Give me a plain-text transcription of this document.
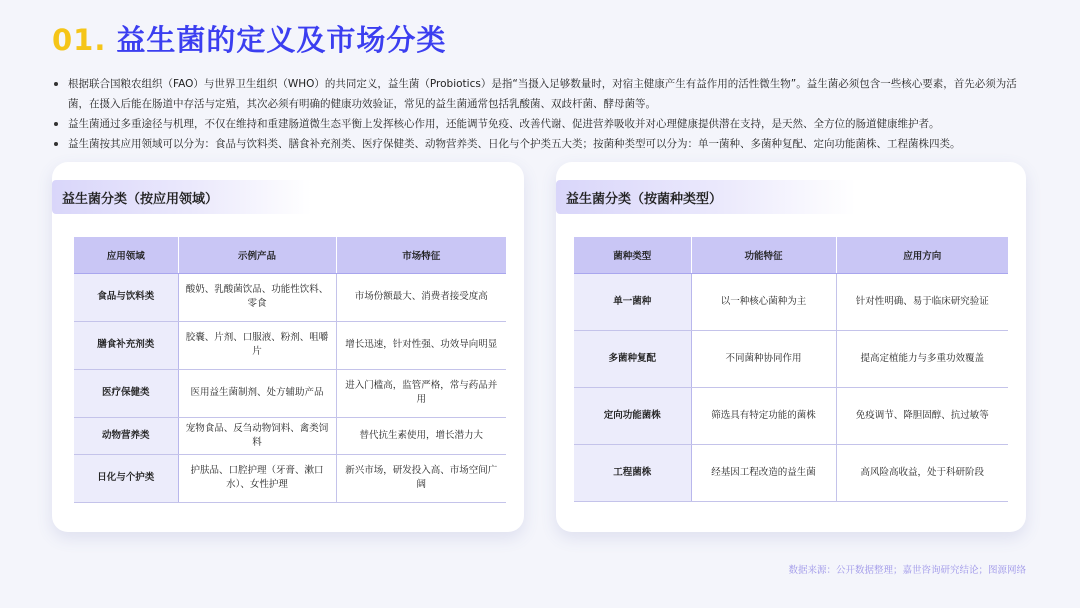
01. 益生菌的定义及市场分类
根据联合国粮农组织（FAO）与世界卫生组织（WHO）的共同定义，益生菌（Probiotics）是指“当摄入足够数量时，对宿主健康产生有益作用的活性微生物”。益生菌必须包含一些核心要素，首先必须为活菌，在摄入后能在肠道中存活与定殖，其次必须有明确的健康功效验证，常见的益生菌通常包括乳酸菌、双歧杆菌、酵母菌等。
益生菌通过多重途径与机理，不仅在维持和重建肠道微生态平衡上发挥核心作用，还能调节免疫、改善代谢、促进营养吸收并对心理健康提供潜在支持，是天然、全方位的肠道健康维护者。
益生菌按其应用领域可以分为：食品与饮料类、膳食补充剂类、医疗保健类、动物营养类、日化与个护类五大类；按菌种类型可以分为：单一菌种、多菌种复配、定向功能菌株、工程菌株四类。
益生菌分类（按应用领域）
应用领域	示例产品	市场特征
食品与饮料类	酸奶、乳酸菌饮品、功能性饮料、零食	市场份额最大、消费者接受度高
膳食补充剂类	胶囊、片剂、口服液、粉剂、咀嚼片	增长迅速，针对性强、功效导向明显
医疗保健类	医用益生菌制剂、处方辅助产品	进入门槛高，监管严格，常与药品并用
动物营养类	宠物食品、反刍动物饲料、禽类饲料	替代抗生素使用，增长潜力大
日化与个护类	护肤品、口腔护理（牙膏、漱口水）、女性护理	新兴市场，研发投入高、市场空间广阔
益生菌分类（按菌种类型）
菌种类型	功能特征	应用方向
单一菌种	以一种核心菌种为主	针对性明确、易于临床研究验证
多菌种复配	不同菌种协同作用	提高定植能力与多重功效覆盖
定向功能菌株	筛选具有特定功能的菌株	免疫调节、降胆固醇、抗过敏等
工程菌株	经基因工程改造的益生菌	高风险高收益，处于科研阶段
数据来源：公开数据整理；嘉世咨询研究结论；图源网络
